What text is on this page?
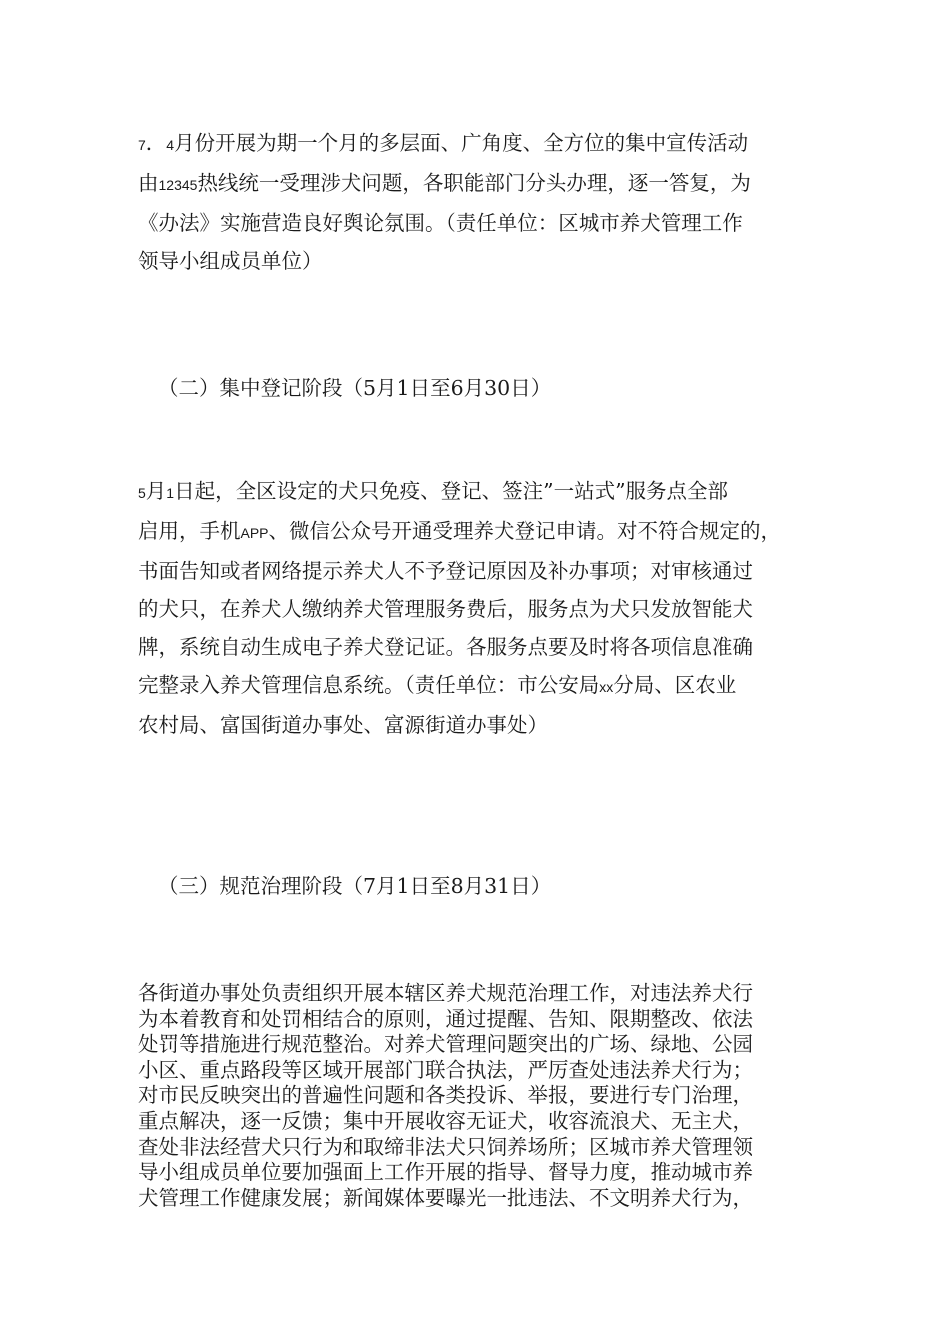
7．4月份开展为期一个月的多层面、广角度、全方位的集中宣传活动
由12345热线统一受理涉犬问题，各职能部门分头办理，逐一答复，为
《办法》实施营造良好舆论氛围。（责任单位：区城市养犬管理工作
领导小组成员单位）
（二）集中登记阶段（5月1日至6月30日）
5月1日起，全区设定的犬只免疫、登记、签注”一站式”服务点全部
启用，手机APP、微信公众号开通受理养犬登记申请。对不符合规定的，
书面告知或者网络提示养犬人不予登记原因及补办事项；对审核通过
的犬只，在养犬人缴纳养犬管理服务费后，服务点为犬只发放智能犬
牌，系统自动生成电子养犬登记证。各服务点要及时将各项信息准确
完整录入养犬管理信息系统。（责任单位：市公安局xx分局、区农业
农村局、富国街道办事处、富源街道办事处）
（三）规范治理阶段（7月1日至8月31日）
各街道办事处负责组织开展本辖区养犬规范治理工作，对违法养犬行
为本着教育和处罚相结合的原则，通过提醒、告知、限期整改、依法
处罚等措施进行规范整治。对养犬管理问题突出的广场、绿地、公园
小区、重点路段等区域开展部门联合执法，严厉查处违法养犬行为；
对市民反映突出的普遍性问题和各类投诉、举报，要进行专门治理，
重点解决，逐一反馈；集中开展收容无证犬，收容流浪犬、无主犬，
查处非法经营犬只行为和取缔非法犬只饲养场所；区城市养犬管理领
导小组成员单位要加强面上工作开展的指导、督导力度，推动城市养
犬管理工作健康发展；新闻媒体要曝光一批违法、不文明养犬行为，
